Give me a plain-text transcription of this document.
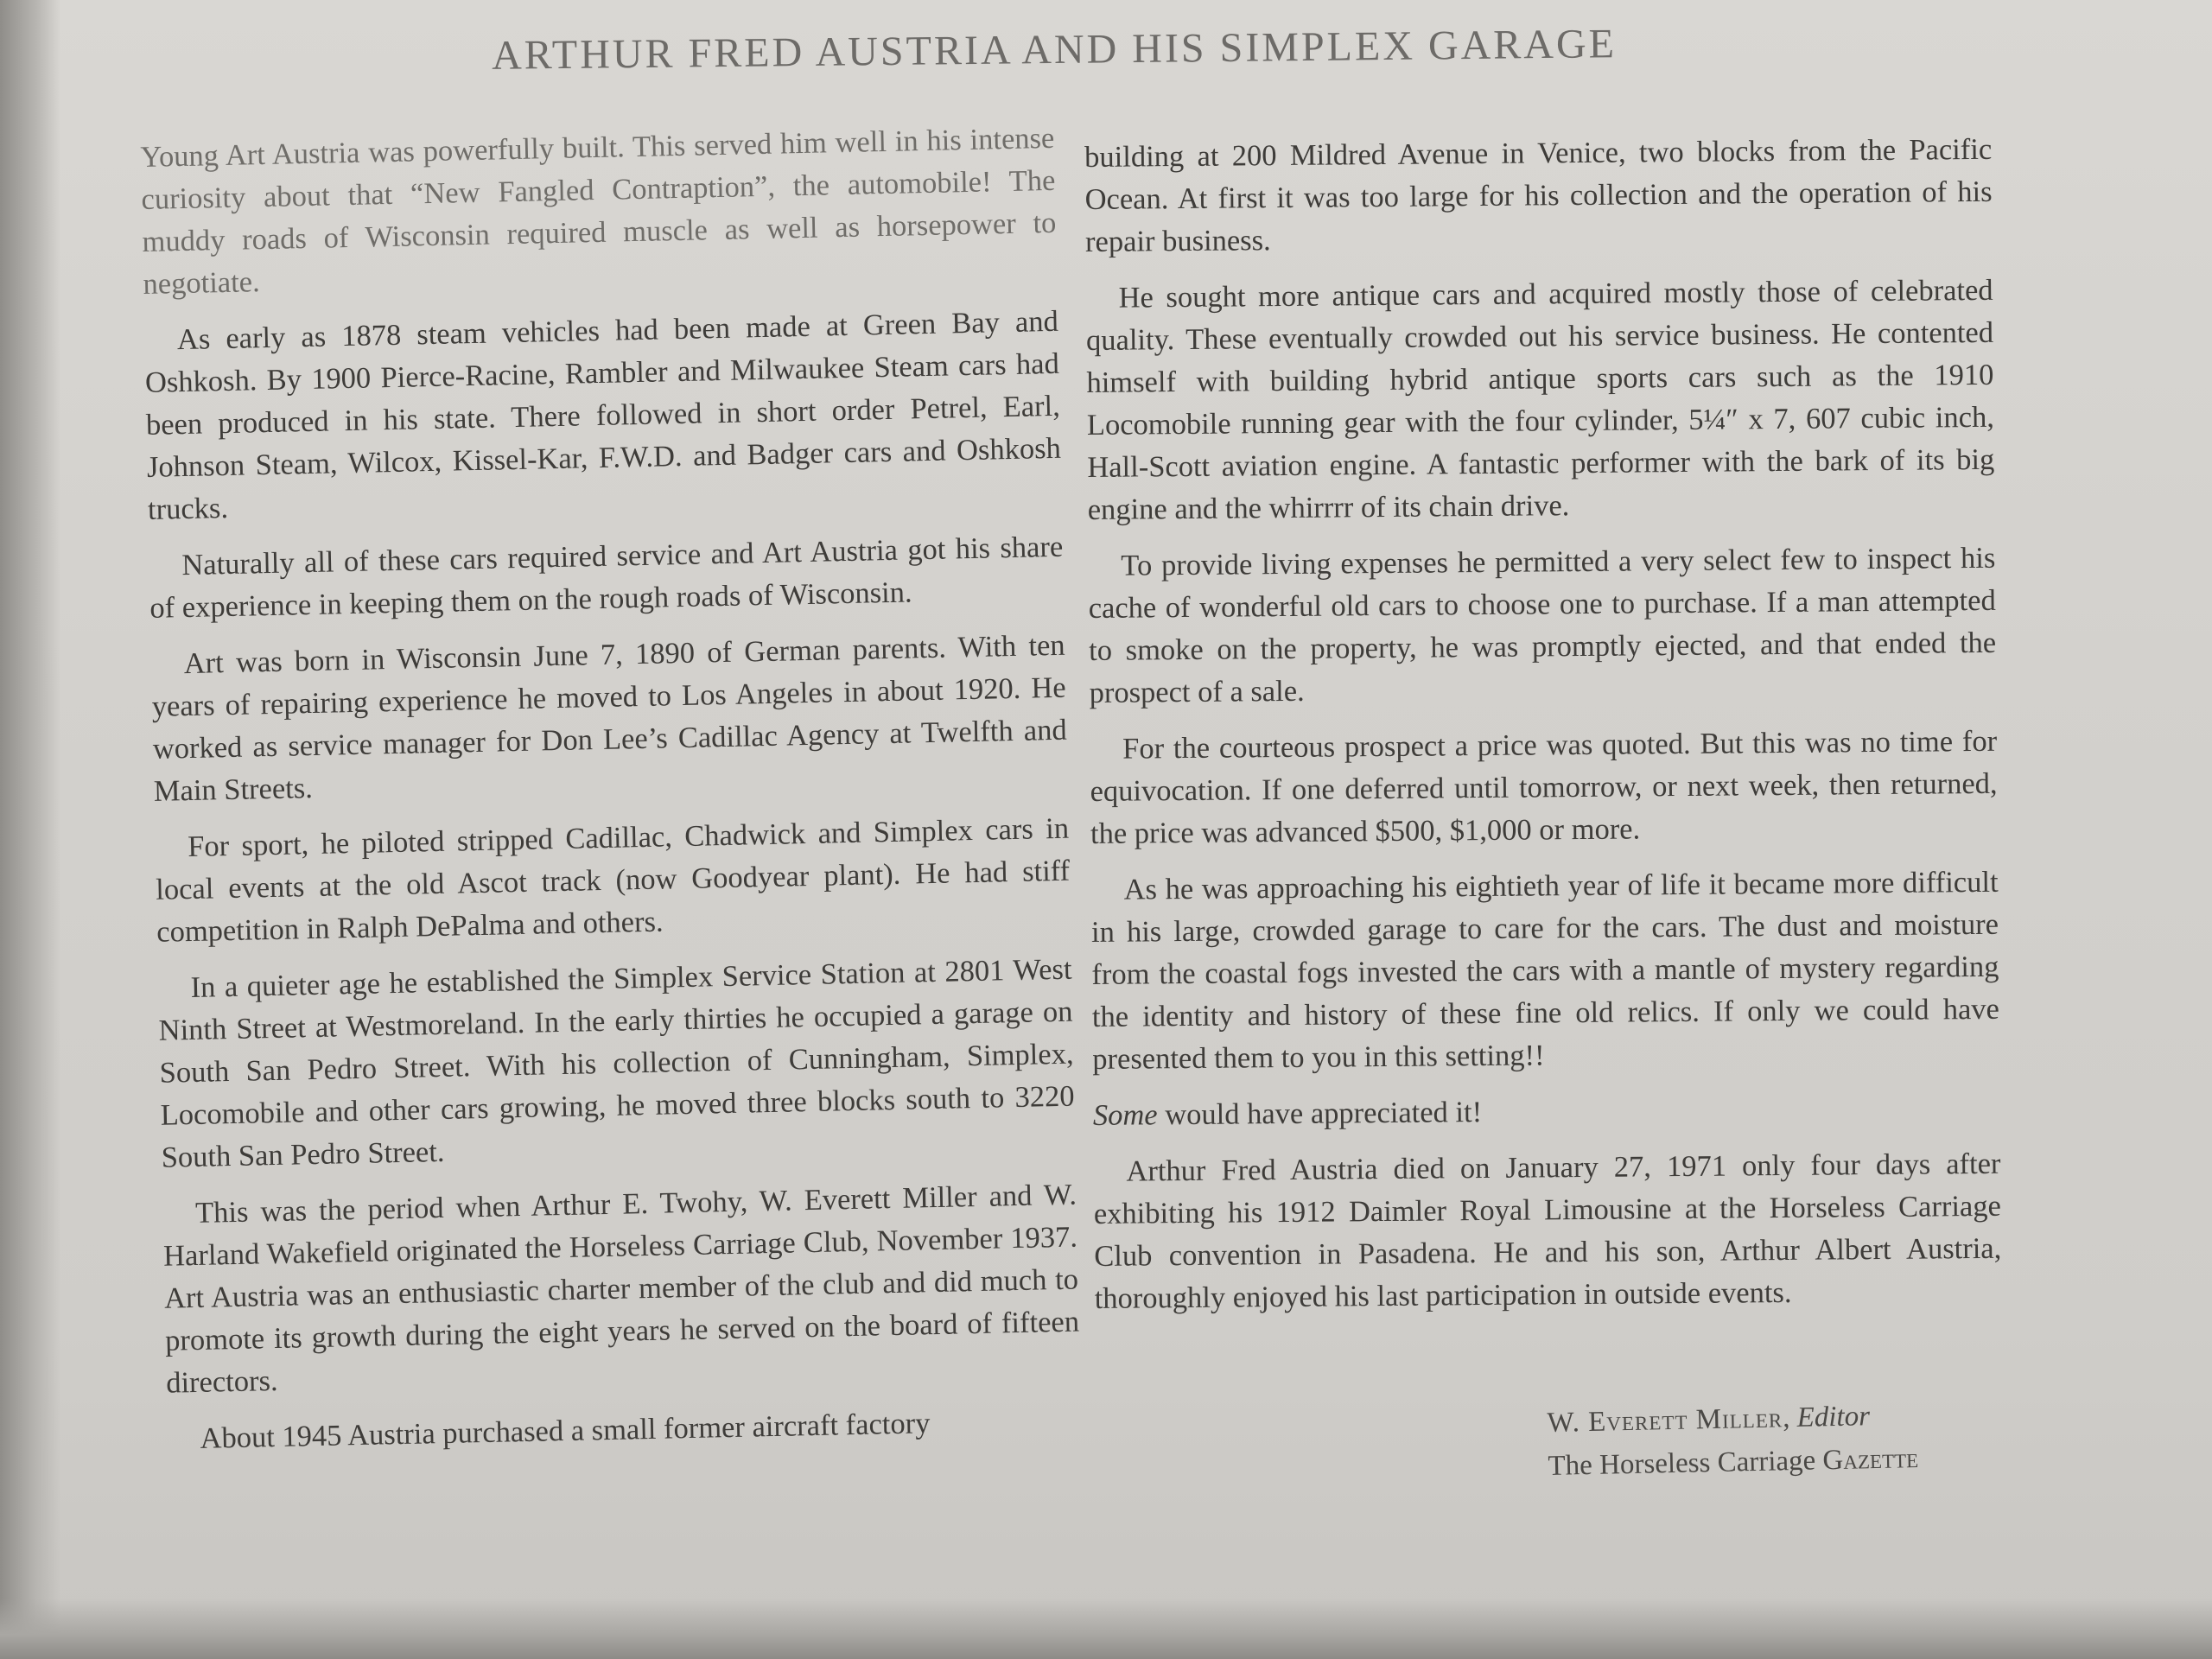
ARTHUR FRED AUSTRIA AND HIS SIMPLEX GARAGE

Young Art Austria was powerfully built. This served him well in his intense curiosity about that “New Fangled Contraption”, the automobile! The muddy roads of Wisconsin required muscle as well as horsepower to negotiate.

As early as 1878 steam vehicles had been made at Green Bay and Oshkosh. By 1900 Pierce-Racine, Rambler and Milwaukee Steam cars had been produced in his state. There followed in short order Petrel, Earl, Johnson Steam, Wilcox, Kissel-Kar, F.W.D. and Badger cars and Oshkosh trucks.

Naturally all of these cars required service and Art Austria got his share of experience in keeping them on the rough roads of Wisconsin.

Art was born in Wisconsin June 7, 1890 of German parents. With ten years of repairing experience he moved to Los Angeles in about 1920. He worked as service manager for Don Lee’s Cadillac Agency at Twelfth and Main Streets.

For sport, he piloted stripped Cadillac, Chadwick and Simplex cars in local events at the old Ascot track (now Goodyear plant). He had stiff competition in Ralph DePalma and others.

In a quieter age he established the Simplex Service Station at 2801 West Ninth Street at Westmoreland. In the early thirties he occupied a garage on South San Pedro Street. With his collection of Cunningham, Simplex, Locomobile and other cars growing, he moved three blocks south to 3220 South San Pedro Street.

This was the period when Arthur E. Twohy, W. Everett Miller and W. Harland Wakefield originated the Horseless Carriage Club, November 1937. Art Austria was an enthusiastic charter member of the club and did much to promote its growth during the eight years he served on the board of fifteen directors.

About 1945 Austria purchased a small former aircraft factory

building at 200 Mildred Avenue in Venice, two blocks from the Pacific Ocean. At first it was too large for his collection and the operation of his repair business.

He sought more antique cars and acquired mostly those of celebrated quality. These eventually crowded out his service business. He contented himself with building hybrid antique sports cars such as the 1910 Locomobile running gear with the four cylinder, 5¼″ x 7, 607 cubic inch, Hall-Scott aviation engine. A fantastic performer with the bark of its big engine and the whirrrr of its chain drive.

To provide living expenses he permitted a very select few to inspect his cache of wonderful old cars to choose one to purchase. If a man attempted to smoke on the property, he was promptly ejected, and that ended the prospect of a sale.

For the courteous prospect a price was quoted. But this was no time for equivocation. If one deferred until tomorrow, or next week, then returned, the price was advanced $500, $1,000 or more.

As he was approaching his eightieth year of life it became more difficult in his large, crowded garage to care for the cars. The dust and moisture from the coastal fogs invested the cars with a mantle of mystery regarding the identity and history of these fine old relics. If only we could have presented them to you in this setting!!

Some would have appreciated it!

Arthur Fred Austria died on January 27, 1971 only four days after exhibiting his 1912 Daimler Royal Limousine at the Horseless Carriage Club convention in Pasadena. He and his son, Arthur Albert Austria, thoroughly enjoyed his last participation in outside events.

W. Everett Miller, Editor
The Horseless Carriage Gazette
